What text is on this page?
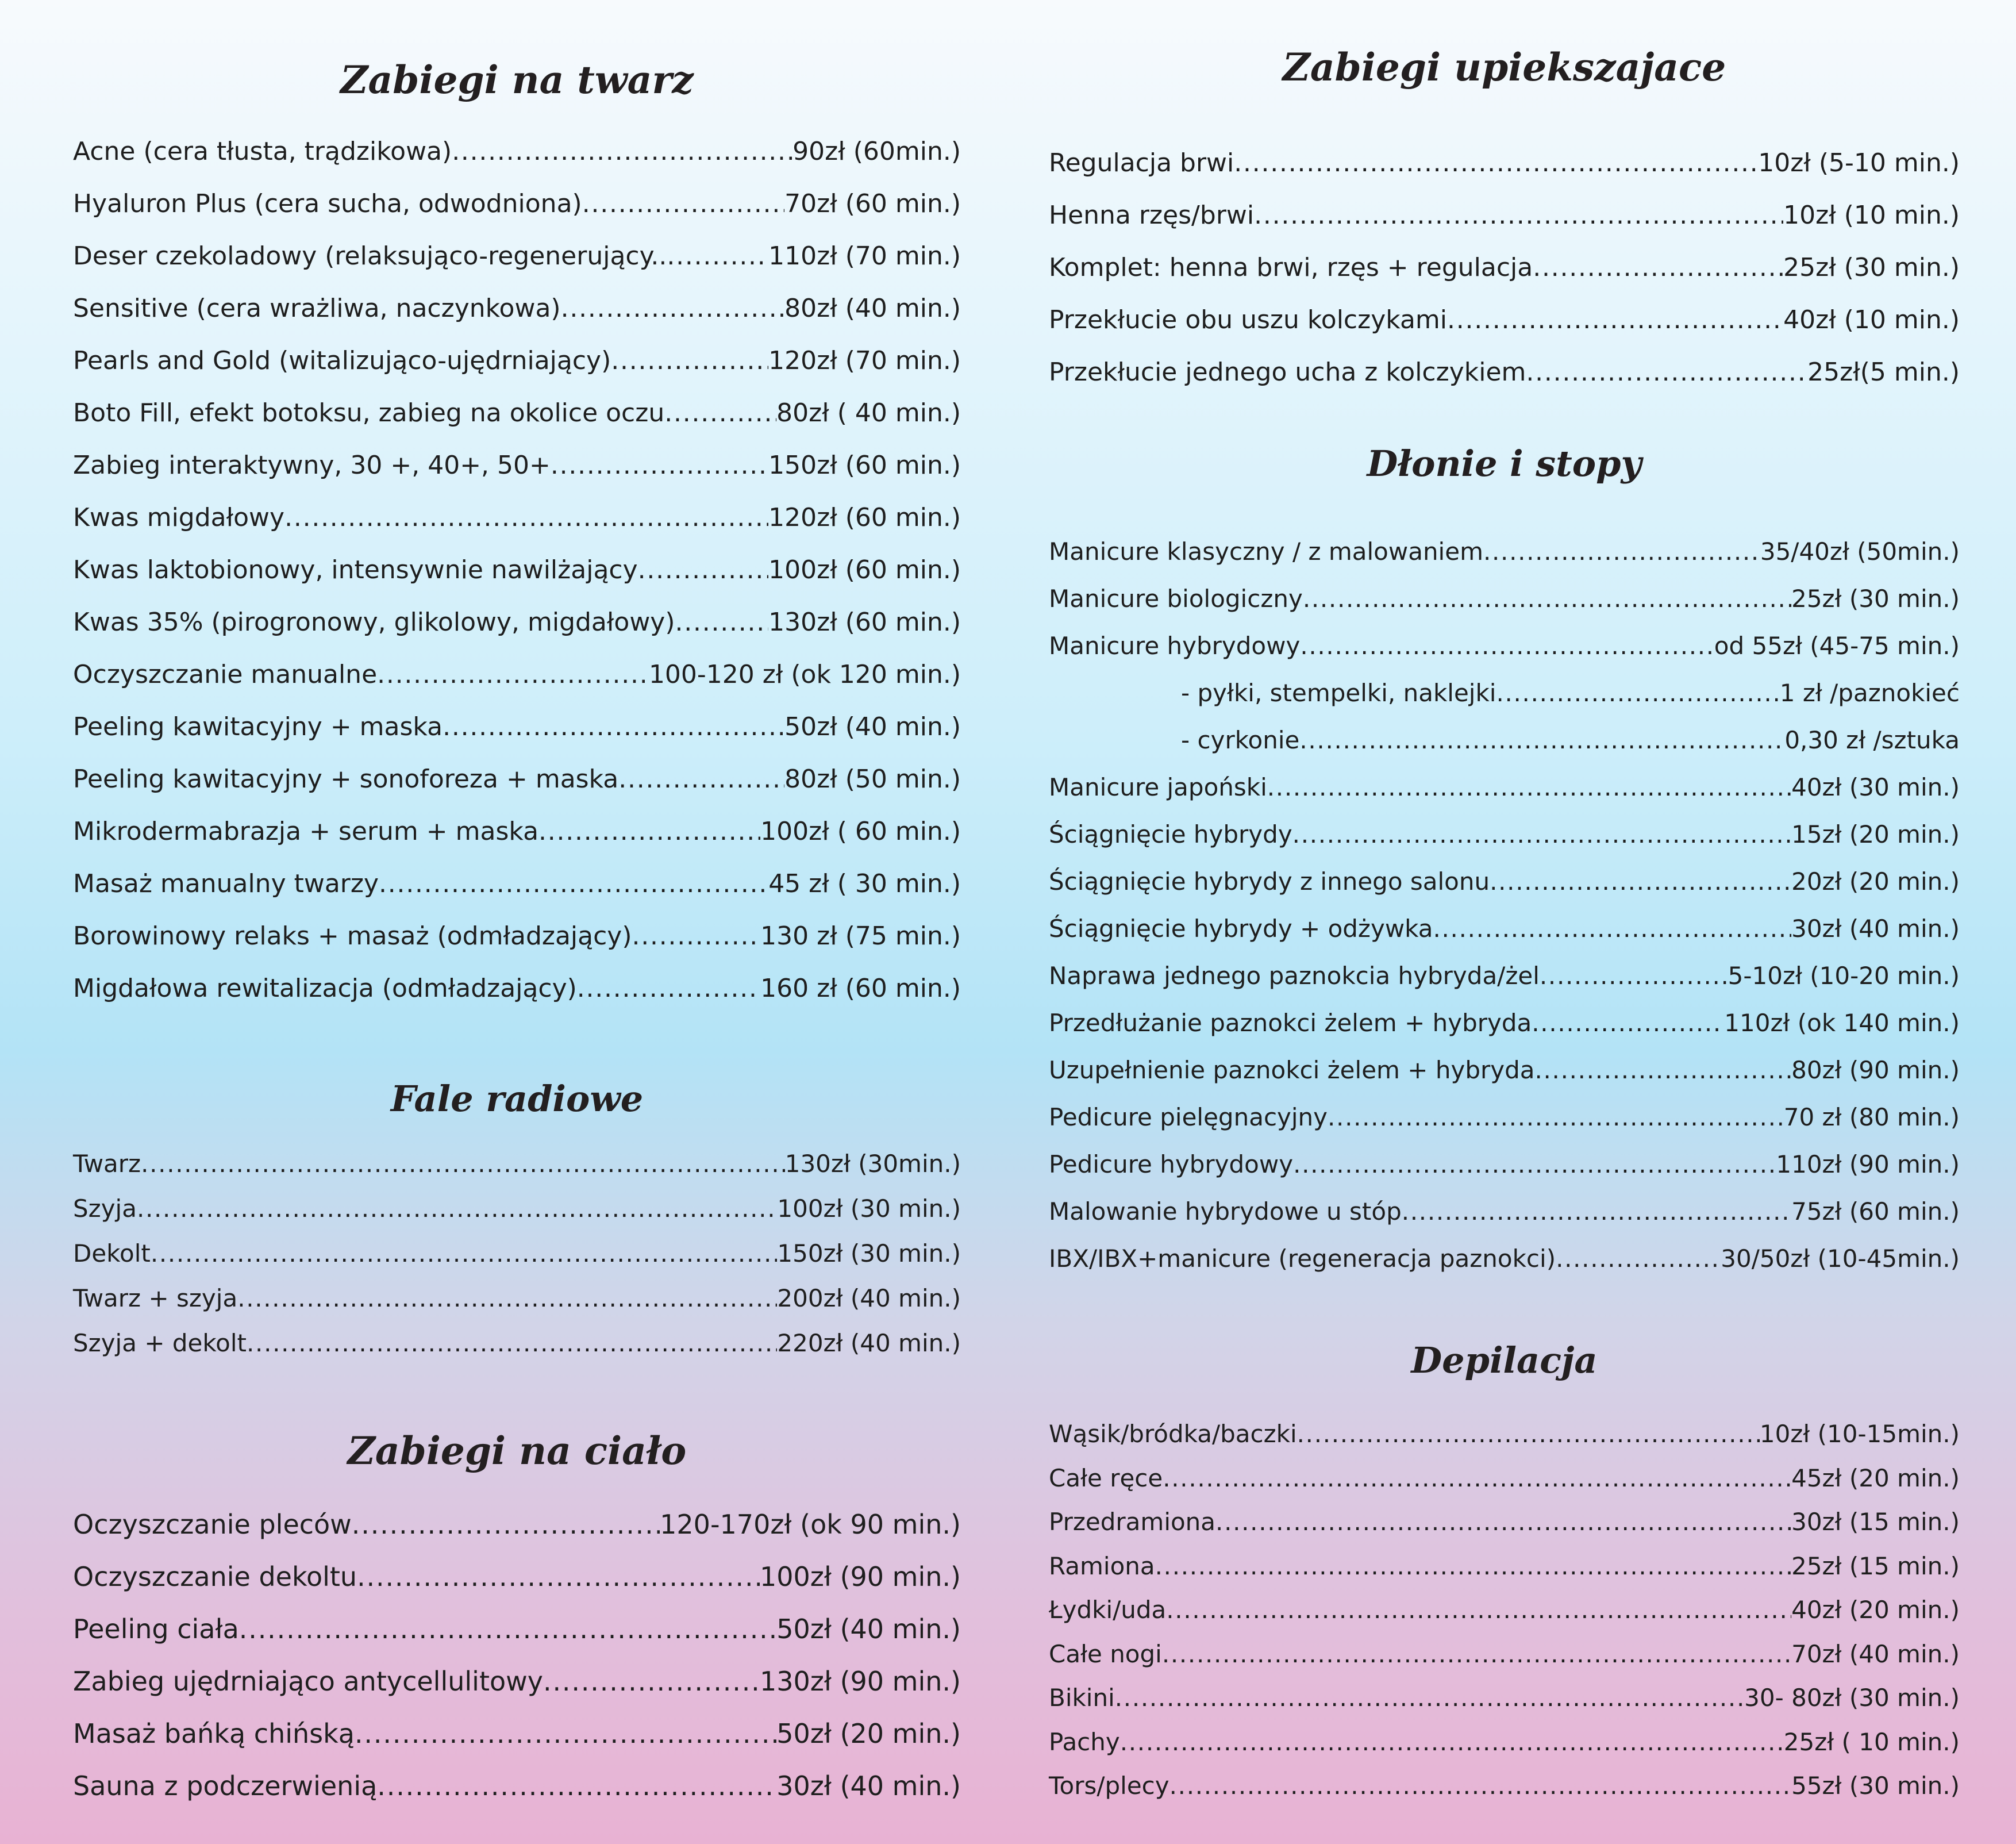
Zabiegi na twarz
Acne (cera tłusta, trądzikowa) .....	90zł (60min.)
Hyaluron Plus (cera sucha, odwodniona) .....	70zł (60 min.)
Deser czekoladowy (relaksująco-regenerujący.. .....	110zł (70 min.)
Sensitive (cera wrażliwa, naczynkowa) .....	80zł (40 min.)
Pearls and Gold (witalizująco-ujędrniający) .....	120zł (70 min.)
Boto Fill, efekt botoksu, zabieg na okolice oczu .....	80zł ( 40 min.)
Zabieg interaktywny, 30 +, 40+, 50+ .....	150zł (60 min.)
Kwas migdałowy .....	120zł (60 min.)
Kwas laktobionowy, intensywnie nawilżający .....	100zł (60 min.)
Kwas 35% (pirogronowy, glikolowy, migdałowy) .....	130zł (60 min.)
Oczyszczanie manualne .....	100-120 zł (ok 120 min.)
Peeling kawitacyjny + maska .....	50zł (40 min.)
Peeling kawitacyjny + sonoforeza + maska .....	80zł (50 min.)
Mikrodermabrazja + serum + maska .....	100zł ( 60 min.)
Masaż manualny twarzy .....	45 zł ( 30 min.)
Borowinowy relaks + masaż (odmładzający) .....	130 zł (75 min.)
Migdałowa rewitalizacja (odmładzający) .....	160 zł (60 min.)
Fale radiowe
Twarz .....	130zł (30min.)
Szyja .....	100zł (30 min.)
Dekolt .....	150zł (30 min.)
Twarz + szyja .....	200zł (40 min.)
Szyja + dekolt .....	220zł (40 min.)
Zabiegi na ciało
Oczyszczanie pleców .....	120-170zł (ok 90 min.)
Oczyszczanie dekoltu .....	100zł (90 min.)
Peeling ciała .....	50zł (40 min.)
Zabieg ujędrniająco antycellulitowy .....	130zł (90 min.)
Masaż bańką chińską .....	50zł (20 min.)
Sauna z podczerwienią .....	30zł (40 min.)
Zabiegi upiekszajace
Regulacja brwi .....	10zł (5-10 min.)
Henna rzęs/brwi .....	10zł (10 min.)
Komplet: henna brwi, rzęs + regulacja .....	25zł (30 min.)
Przekłucie obu uszu kolczykami .....	40zł (10 min.)
Przekłucie jednego ucha z kolczykiem .....	25zł(5 min.)
Dłonie i stopy
Manicure klasyczny / z malowaniem .....	35/40zł (50min.)
Manicure biologiczny .....	25zł (30 min.)
Manicure hybrydowy .....	od 55zł (45-75 min.)
- pyłki, stempelki, naklejki .....	1 zł /paznokieć
- cyrkonie .....	0,30 zł /sztuka
Manicure japoński .....	40zł (30 min.)
Ściągnięcie hybrydy .....	15zł (20 min.)
Ściągnięcie hybrydy z innego salonu .....	20zł (20 min.)
Ściągnięcie hybrydy + odżywka .....	30zł (40 min.)
Naprawa jednego paznokcia hybryda/żel .....	5-10zł (10-20 min.)
Przedłużanie paznokci żelem + hybryda .....	110zł (ok 140 min.)
Uzupełnienie paznokci żelem + hybryda .....	80zł (90 min.)
Pedicure pielęgnacyjny .....	70 zł (80 min.)
Pedicure hybrydowy .....	110zł (90 min.)
Malowanie hybrydowe u stóp .....	75zł (60 min.)
IBX/IBX+manicure (regeneracja paznokci) .....	30/50zł (10-45min.)
Depilacja
Wąsik/bródka/baczki .....	10zł (10-15min.)
Całe ręce .....	45zł (20 min.)
Przedramiona .....	30zł (15 min.)
Ramiona .....	25zł (15 min.)
Łydki/uda .....	40zł (20 min.)
Całe nogi .....	70zł (40 min.)
Bikini .....	30- 80zł (30 min.)
Pachy .....	25zł ( 10 min.)
Tors/plecy .....	55zł (30 min.)
